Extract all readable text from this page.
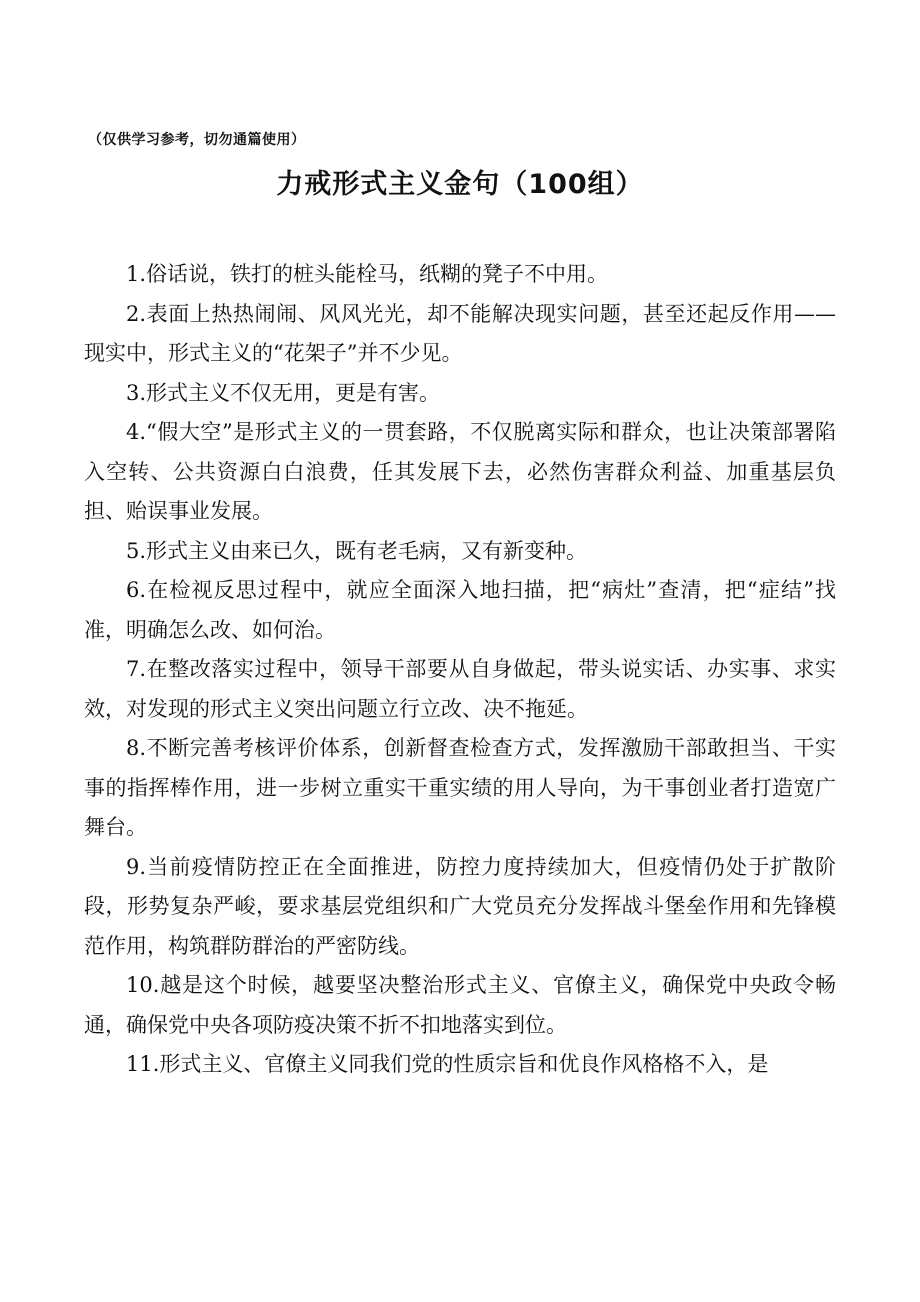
（仅供学习参考，切勿通篇使用）
力戒形式主义金句（100组）

1.俗话说，铁打的桩头能栓马，纸糊的凳子不中用。

2.表面上热热闹闹、风风光光，却不能解决现实问题，甚至还起反作用——现实中，形式主义的“花架子”并不少见。

3.形式主义不仅无用，更是有害。

4.“假大空”是形式主义的一贯套路，不仅脱离实际和群众，也让决策部署陷入空转、公共资源白白浪费，任其发展下去，必然伤害群众利益、加重基层负担、贻误事业发展。

5.形式主义由来已久，既有老毛病，又有新变种。

6.在检视反思过程中，就应全面深入地扫描，把“病灶”查清，把“症结”找准，明确怎么改、如何治。

7.在整改落实过程中，领导干部要从自身做起，带头说实话、办实事、求实效，对发现的形式主义突出问题立行立改、决不拖延。

8.不断完善考核评价体系，创新督查检查方式，发挥激励干部敢担当、干实事的指挥棒作用，进一步树立重实干重实绩的用人导向，为干事创业者打造宽广舞台。

9.当前疫情防控正在全面推进，防控力度持续加大，但疫情仍处于扩散阶段，形势复杂严峻，要求基层党组织和广大党员充分发挥战斗堡垒作用和先锋模范作用，构筑群防群治的严密防线。

10.越是这个时候，越要坚决整治形式主义、官僚主义，确保党中央政令畅通，确保党中央各项防疫决策不折不扣地落实到位。

11.形式主义、官僚主义同我们党的性质宗旨和优良作风格格不入，是
